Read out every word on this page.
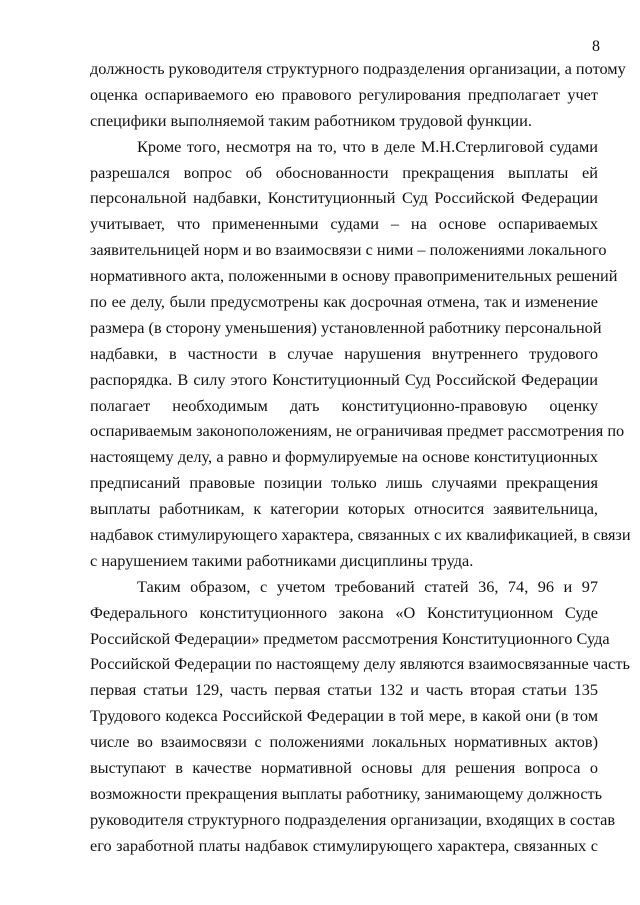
8

должность руководителя структурного подразделения организации, а потому
оценка оспариваемого ею правового регулирования предполагает учет
специфики выполняемой таким работником трудовой функции.

Кроме того, несмотря на то, что в деле М.Н.Стерлиговой судами
разрешался вопрос об обоснованности прекращения выплаты ей
персональной надбавки, Конституционный Суд Российской Федерации
учитывает, что примененными судами – на основе оспариваемых
заявительницей норм и во взаимосвязи с ними – положениями локального
нормативного акта, положенными в основу правоприменительных решений
по ее делу, были предусмотрены как досрочная отмена, так и изменение
размера (в сторону уменьшения) установленной работнику персональной
надбавки, в частности в случае нарушения внутреннего трудового
распорядка. В силу этого Конституционный Суд Российской Федерации
полагает необходимым дать конституционно-правовую оценку
оспариваемым законоположениям, не ограничивая предмет рассмотрения по
настоящему делу, а равно и формулируемые на основе конституционных
предписаний правовые позиции только лишь случаями прекращения
выплаты работникам, к категории которых относится заявительница,
надбавок стимулирующего характера, связанных с их квалификацией, в связи
с нарушением такими работниками дисциплины труда.

Таким образом, с учетом требований статей 36, 74, 96 и 97
Федерального конституционного закона «О Конституционном Суде
Российской Федерации» предметом рассмотрения Конституционного Суда
Российской Федерации по настоящему делу являются взаимосвязанные часть
первая статьи 129, часть первая статьи 132 и часть вторая статьи 135
Трудового кодекса Российской Федерации в той мере, в какой они (в том
числе во взаимосвязи с положениями локальных нормативных актов)
выступают в качестве нормативной основы для решения вопроса о
возможности прекращения выплаты работнику, занимающему должность
руководителя структурного подразделения организации, входящих в состав
его заработной платы надбавок стимулирующего характера, связанных с
